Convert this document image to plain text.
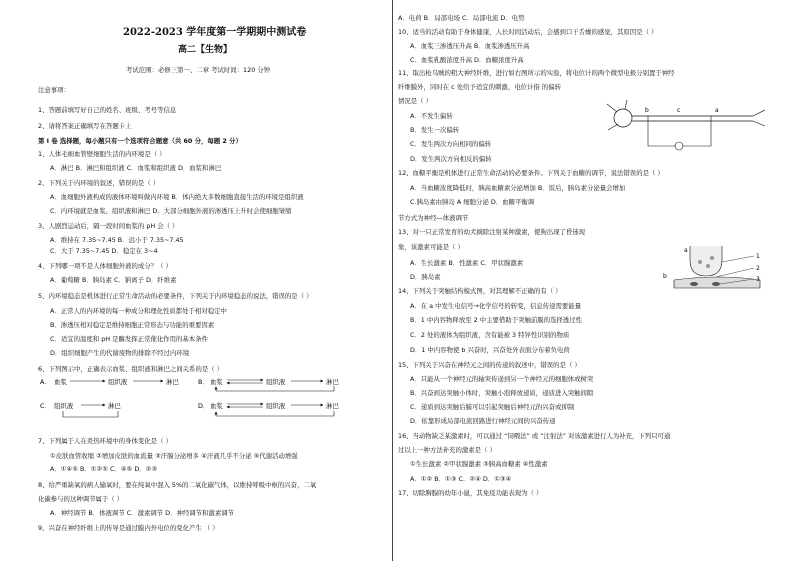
2022-2023 学年度第一学期期中测试卷
高二【生物】
考试范围：必修三第一、二章 考试时间：120 分钟
注意事项：
1、答题前填写好自己的姓名、班级、考号等信息
2、请将答案正确填写在答题卡上
第 I 卷 选择题，每小题只有一个选项符合题意（共 60 分，每题 2 分）
1、人体毛细血管壁细胞生活的内环境是（ ）
A．淋巴 B．淋巴和组织液 C．血浆和组织液 D．血浆和淋巴
2、下列关于内环境的叙述，错误的是（ ）
A．血细胞外液构成的液体环境叫做内环境 B．体内绝大多数细胞直接生活的环境是组织液
C．内环境就是血浆、组织液和淋巴 D．大部分细胞外液的渗透压上升时会使细胞皱缩
3、人剧烈运动后，隔一段时间血浆的 pH 会（ ）
A．维持在 7.35~7.45 B．远小于 7.35~7.45
C．大于 7.35~7.45 D．稳定在 3~4
4、下列哪一项不是人体细胞外液的成分？（ ）
A．葡萄糖 B．胰岛素 C．钠离子 D．纤维素
5、内环境稳态是机体进行正常生命活动的必要条件，下列关于内环境稳态的说法，错误的是（ ）
A．正常人的内环境的每一种成分和理化性质都处于相对稳定中
B．渗透压相对稳定是维持细胞正常形态与功能的重要因素
C．适宜的温度和 pH 是酶发挥正常催化作用的基本条件
D．组织细胞产生的代谢废物的排除不经过内环境
6、下列图示中，正确表示血浆、组织液和淋巴之间关系的是（ ）
7、下列属于人在炎热环境中的身体变化是（ ）
①皮肤血管收缩 ②增加皮肤的血流量 ③汗腺分泌增多 ④汗液几乎不分泌 ⑤代谢活动增强
A．①④⑤ B．①②⑤ C．④⑤ D．②③
8、给严重缺氧的病人输氧时，要在纯氧中混入 5%的二氧化碳气体，以维持呼吸中枢的兴奋，二氧
化碳参与的这种调节属于（ ）
A．神经调节 B．体液调节 C．激素调节 D．神经调节和激素调节
9、兴奋在神经纤维上的传导是通过膜内外电位的变化产生 （ ）
A． 血浆	组织液	淋巴	B． 血浆	组织液	淋巴
C． 组织液	淋巴	D． 血浆	组织液	淋巴
A．电荷 B．局部电场 C．局部电流 D．电势
10、适当的活动有助于身体健康，人长时间活动后，会感到口干舌燥的感觉，其原因是（ ）
A．血浆三渗透压升高 B．血浆渗透压升高
C．血浆乳酸浓度升高 D．血糖浓度升高
11、取出枪乌贼的粗大神经纤维，进行如右图所示的实验，将电位计的两个微型电极分别置于神经
纤维膜外，同时在 c 处给予适宜的刺激，电位计指 的偏转
情况是（ ）
A．不发生偏转
B．发生一次偏转
C．发生两次方向相同的偏转
D．发生两次方向相反的偏转
12、血糖平衡是机体进行正常生命活动的必要条件。下列关于血糖的调节，说法错误的是（ ）
A．当血糖浓度降低时，胰高血糖素分泌增加 B．饭后，胰岛素分泌量会增加
C.胰岛素由胰岛 A 细胞分泌 D．血糖平衡调
节方式为神经—体液调节
13、对一只正常发育的幼犬摘除注射某种激素，使狗出现了昏迷现
象，该激素可能是（ ）
A．生长激素 B．性激素 C．甲状腺激素
D．胰岛素
14、下列关于突触结构模式图，对其理解不正确的有（ ）
A．在 a 中发生电信号→化学信号的转变，信息传递需要能量
B．1 中内容物释放至 2 中主要借助于突触前膜的选择透过性
C．2 处的液体为组织液，含有能被 3 特异性识别的物质
D．1 中内容物使 b 兴奋时，兴奋处外表面分布着负电荷
15、下列关于兴奋在神经元之间的传递的叙述中，错误的是（ ）
A．只能从一个神经元的轴突传递到另一个神经元的细胞体或树突
B．兴奋到达突触小体时，突触小泡释放递质，递质进入突触间隙
C．递质到达突触后膜可以引起突触后神经元的兴奋或抑制
D．依靠形成局部电流回路进行神经元间的兴奋传递
16、当动物缺乏某激素时，可以通过 “饲喂法” 或 “注射法” 对该激素进行人为补充，下列只可通
过以上一种方法补充的激素是（ ）
①生长激素 ②甲状腺激素 ③胰高血糖素 ④性激素
A．①② B．①③ C．②④ D．①③④
17、切除胸腺的幼年小鼠，其免疫功能表现为（ ）
b	c	a
a
1
2
3
b
